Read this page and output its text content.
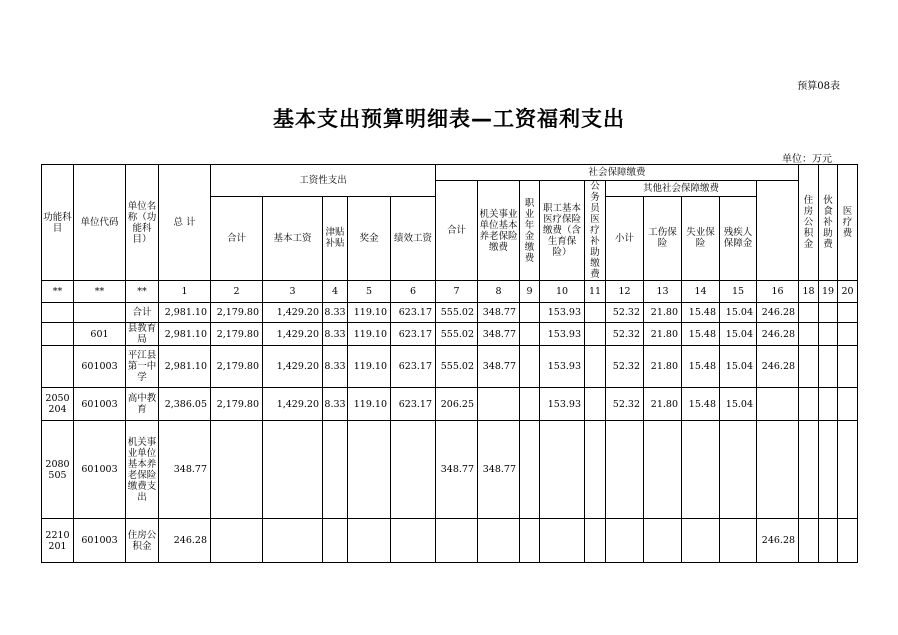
预算08表
基本支出预算明细表—工资福利支出
单位：万元
功能科目	单位代码	单位名称（功能科目）	总 计	工资性支出					社会保障缴费										住房公积金	伙食补助费	医疗费	
									合计	机关事业单位基本养老保险缴费	职业年金缴费	职工基本医疗保险缴费（含生育保险）	公务员医疗补助缴费	其他社会保障缴费								
				合计	基本工资	津贴补贴	奖金	绩效工资						小计	工伤保险	失业保险	残疾人保障金					
**	**	**	1	2	3	4	5	6	7	8	9	10	11	12	13	14	15	16	18	19	20	
		合计	2,981.10	2,179.80	1,429.20	8.33	119.10	623.17	555.02	348.77		153.93		52.32	21.80	15.48	15.04	246.28				
	601	县教育局	2,981.10	2,179.80	1,429.20	8.33	119.10	623.17	555.02	348.77		153.93		52.32	21.80	15.48	15.04	246.28				
	601003	平江县第一中学	2,981.10	2,179.80	1,429.20	8.33	119.10	623.17	555.02	348.77		153.93		52.32	21.80	15.48	15.04	246.28				
2050204	601003	高中教育	2,386.05	2,179.80	1,429.20	8.33	119.10	623.17	206.25			153.93		52.32	21.80	15.48	15.04					
2080505	601003	机关事业单位基本养老保险缴费支出	348.77						348.77	348.77												
2210201	601003	住房公积金	246.28															246.28				
